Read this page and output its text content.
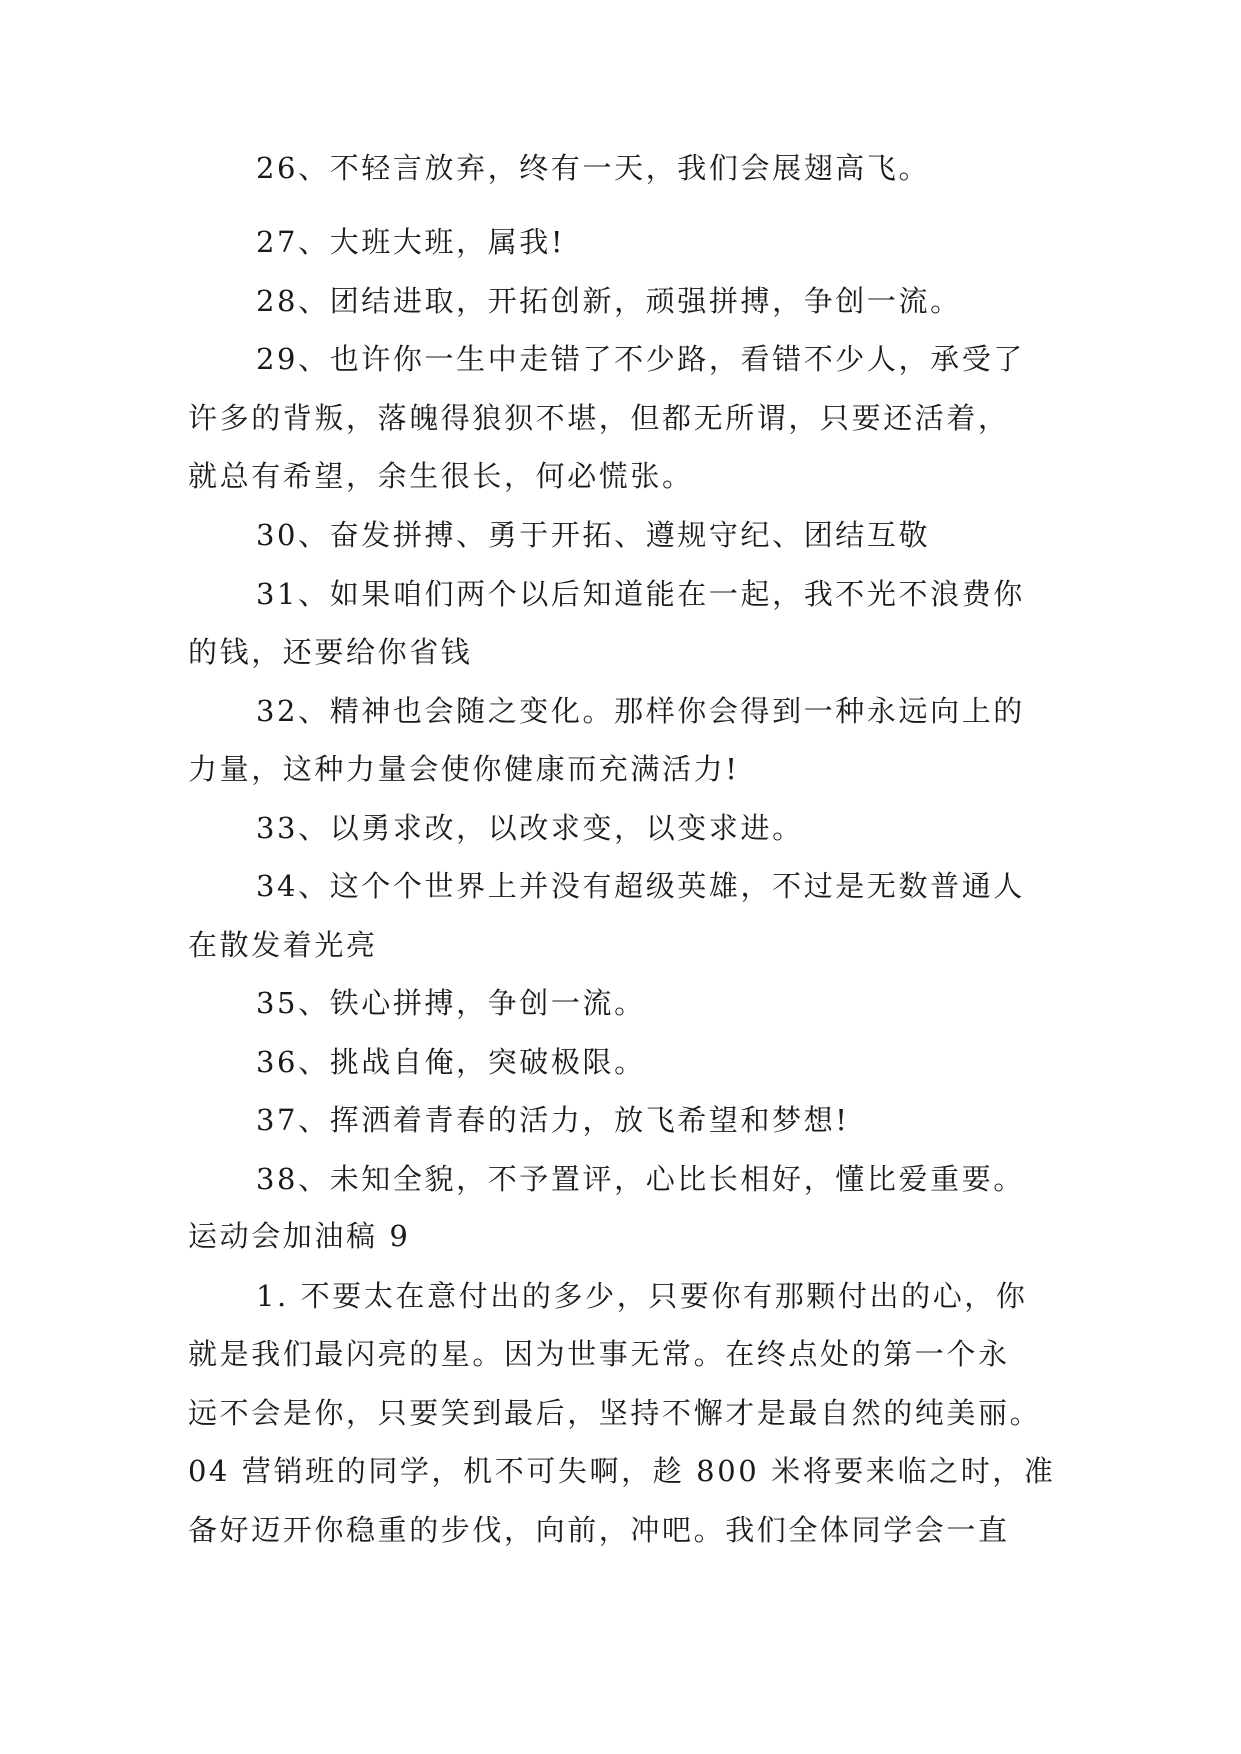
26、不轻言放弃，终有一天，我们会展翅高飞。

27、大班大班，属我!

28、团结进取，开拓创新，顽强拼搏，争创一流。

29、也许你一生中走错了不少路，看错不少人，承受了

许多的背叛，落魄得狼狈不堪，但都无所谓，只要还活着，

就总有希望，余生很长，何必慌张。

30、奋发拼搏、勇于开拓、遵规守纪、团结互敬

31、如果咱们两个以后知道能在一起，我不光不浪费你

的钱，还要给你省钱

32、精神也会随之变化。那样你会得到一种永远向上的

力量，这种力量会使你健康而充满活力!

33、以勇求改，以改求变，以变求进。

34、这个个世界上并没有超级英雄，不过是无数普通人

在散发着光亮

35、铁心拼搏，争创一流。

36、挑战自俺，突破极限。

37、挥洒着青春的活力，放飞希望和梦想!

38、未知全貌，不予置评，心比长相好，懂比爱重要。

运动会加油稿 9

1. 不要太在意付出的多少，只要你有那颗付出的心，你

就是我们最闪亮的星。因为世事无常。在终点处的第一个永

远不会是你，只要笑到最后，坚持不懈才是最自然的纯美丽。

04 营销班的同学，机不可失啊，趁 800 米将要来临之时，准

备好迈开你稳重的步伐，向前，冲吧。我们全体同学会一直
